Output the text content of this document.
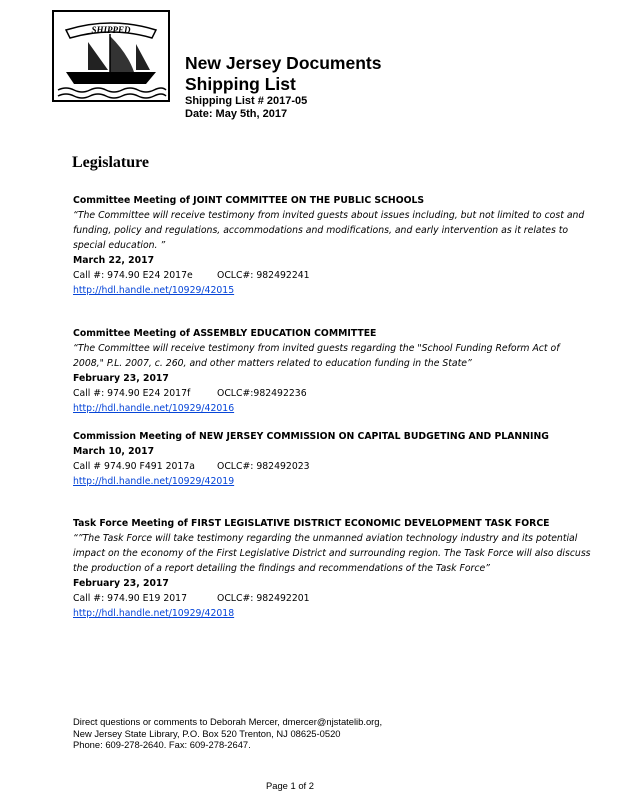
SHIPPED
New Jersey Documents
Shipping List
Shipping List # 2017-05
Date: May 5th, 2017
Legislature
Committee Meeting of JOINT COMMITTEE ON THE PUBLIC SCHOOLS
“The Committee will receive testimony from invited guests about issues including, but not limited to cost and funding, policy and regulations, accommodations and modifications, and early intervention as it relates to special education. ”
March 22, 2017
Call #: 974.90 E24 2017e	OCLC#: 982492241
http://hdl.handle.net/10929/42015
Committee Meeting of ASSEMBLY EDUCATION COMMITTEE
“The Committee will receive testimony from invited guests regarding the "School Funding Reform Act of 2008," P.L. 2007, c. 260, and other matters related to education funding in the State”
February 23, 2017
Call #: 974.90 E24 2017f	OCLC#:982492236
http://hdl.handle.net/10929/42016
Commission Meeting of NEW JERSEY COMMISSION ON CAPITAL BUDGETING AND PLANNING
March 10, 2017
Call # 974.90 F491 2017a OCLC#: 982492023
http://hdl.handle.net/10929/42019
Task Force Meeting of FIRST LEGISLATIVE DISTRICT ECONOMIC DEVELOPMENT TASK FORCE
“”The Task Force will take testimony regarding the unmanned aviation technology industry and its potential impact on the economy of the First Legislative District and surrounding region. The Task Force will also discuss the production of a report detailing the findings and recommendations of the Task Force”
February 23, 2017
Call #: 974.90 E19 2017	OCLC#: 982492201
http://hdl.handle.net/10929/42018
Direct questions or comments to Deborah Mercer, dmercer@njstatelib.org,
New Jersey State Library, P.O. Box 520 Trenton, NJ 08625-0520
Phone: 609-278-2640. Fax: 609-278-2647.
Page 1 of 2
